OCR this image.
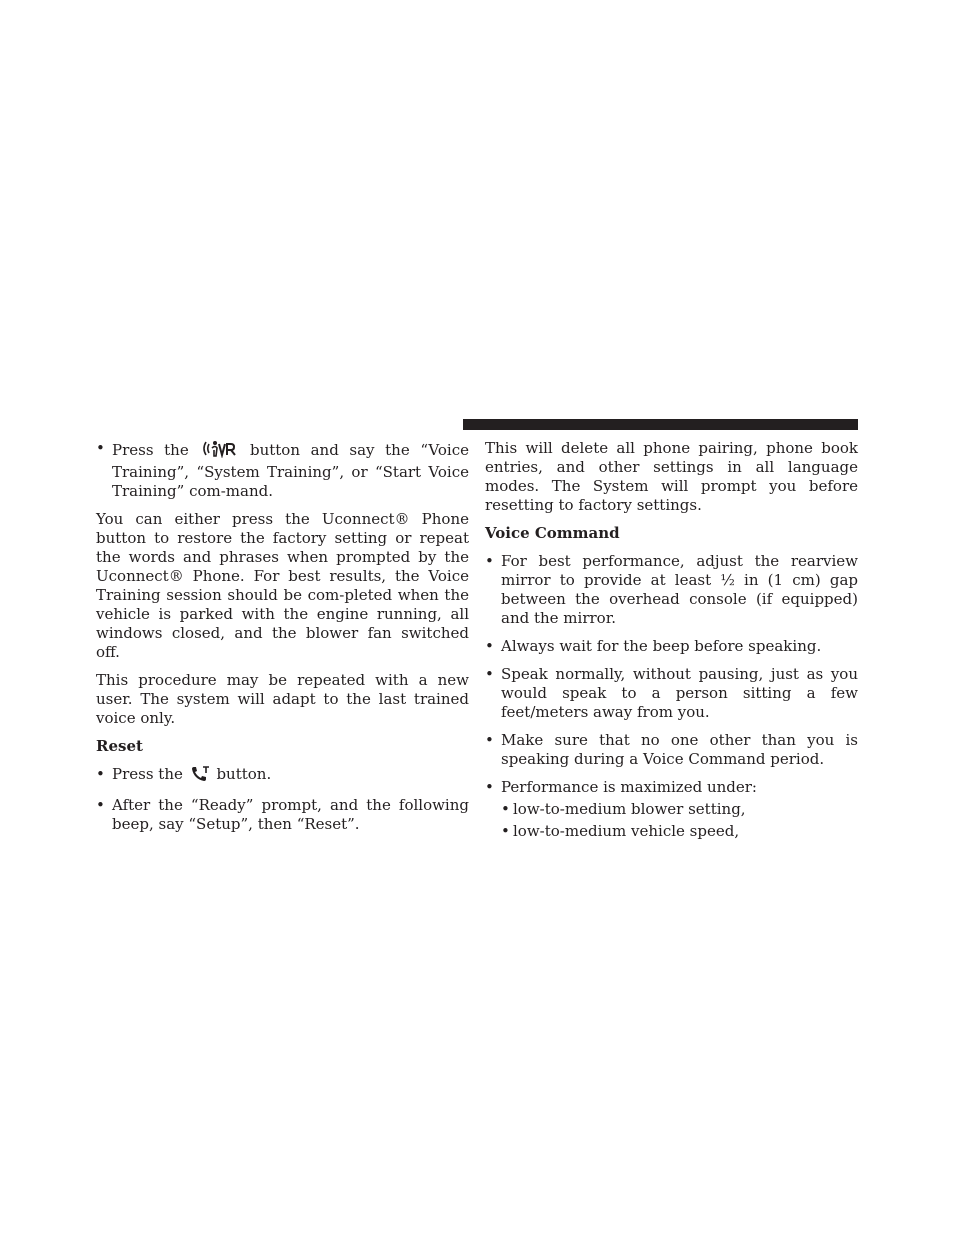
• Press the	button and say the “Voice Training”, “System Training”, or “Start Voice Training” com-mand.

You can either press the Uconnect® Phone button to restore the factory setting or repeat the words and phrases when prompted by the Uconnect® Phone. For best results, the Voice Training session should be com-pleted when the vehicle is parked with the engine running, all windows closed, and the blower fan switched off.

This procedure may be repeated with a new user. The system will adapt to the last trained voice only.

Reset
• Press the button.
• After the “Ready” prompt, and the following beep, say “Setup”, then “Reset”.

This will delete all phone pairing, phone book entries, and other settings in all language modes. The System will prompt you before resetting to factory settings.

Voice Command
• For best performance, adjust the rearview mirror to provide at least ½ in (1 cm) gap between the overhead console (if equipped) and the mirror.
• Always wait for the beep before speaking.
• Speak normally, without pausing, just as you would speak to a person sitting a few feet/meters away from you.
• Make sure that no one other than you is speaking during a Voice Command period.
• Performance is maximized under:
• low-to-medium blower setting,
• low-to-medium vehicle speed,
